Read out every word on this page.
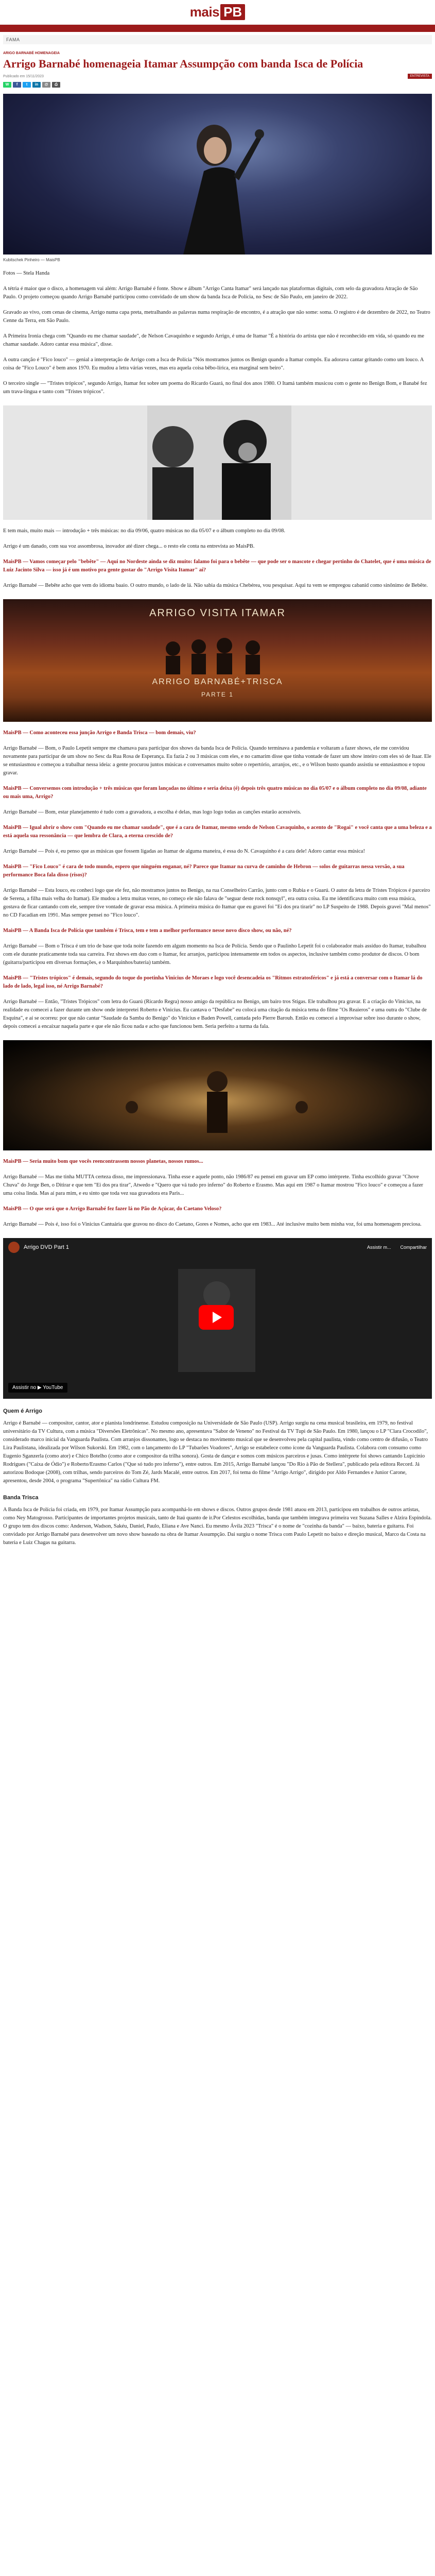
mais PB
FAMA
ARIGO BARNABÉ HOMENAGEIA
Arrigo Barnabé homenageia Itamar Assumpção com banda Isca de Polícia
Publicado em 15/11/2023	ENTREVISTA
W	f	t	in	@	⎙
Kubitschek Pinheiro — MaisPB

Fotos — Stela Handa

A tétria é maior que o disco, a homenagem vai além: Arrigo Barnabé é fonte. Show e álbum "Arrigo Canta Itamar" será lançado nas plataformas digitais, com selo da gravadora Atração de São Paulo. O projeto começou quando Arrigo Barnabé participou como convidado de um show da banda Isca de Polícia, no Sesc de São Paulo, em janeiro de 2022.

Gravado ao vivo, com cenas de cinema, Arrigo numa capa preta, metralhando as palavras numa respiração de encontro, é a atração que não some: soma. O registro é de dezembro de 2022, no Teatro Cenne da Terra, em São Paulo.

A Primeira Ironia chega com "Quando eu me chamar saudade", de Nelson Cavaquinho e segundo Arrigo, é uma de Itamar "É a história do artista que não é reconhecido em vida, só quando eu me chamar saudade. Adoro cantar essa música", disse.

A outra canção é "Fico louco" — genial a interpretação de Arrigo com a Isca de Polícia "Nós mostramos juntos os Benign quando a Itamar compôs. Eu adorava cantar gritando como um louco. A coisa de "Fico Louco" é bem anos 1970. Eu mudou a letra várias vezes, mas era aquela coisa bêbo-lírica, era marginal sem beiro".

O terceiro single — "Tristes trópicos", segundo Arrigo, Itamar fez sobre um poema do Ricardo Guará, no final dos anos 1980. O Itamá também musicou com o gente no Benign Bom, e Banabé fez um trava-língua e tanto com "Tristes trópicos".

E tem mais, muito mais — introdução + três músicas: no dia 09/06, quatro músicas no dia 05/07 e o álbum completo no dia 09/08.

Arrigo é um danado, com sua voz assombrosa, inovador até dizer chega... o resto ele conta na entrevista ao MaisPB.

MaisPB — Vamos começar pelo "bebête" — Aqui no Nordeste ainda se diz muito: falamo foi para o bebête — que pode ser o mascote e chegar pertinho do Chatelet, que é uma música de Luiz Jacinto Silva — isso já é um motivo pra gente gostar do "Arrigo Visita Itamar" aí?

Arrigo Barnabé — Bebête acho que vem do idioma baaio. O outro mundo, o lado de lá. Não sabia da música Chebérea, vou pesquisar. Aqui tu vem se empregou cabanid como sinônimo de Bebête.

ARRIGO VISITA ITAMAR
ARRIGO BARNABÉ+TRISCA
PARTE 1

MaisPB — Como aconteceu essa junção Arrigo e Banda Trisca — bom demais, viu?

Arrigo Barnabé — Bom, o Paulo Lepetit sempre me chamava para participar dos shows da banda Isca de Polícia. Quando terminava a pandemia e voltaram a fazer shows, ele me convidou novamente para participar de um show no Sesc da Rua Rosa de Esperança. Eu fazia 2 ou 3 músicas com eles, e no camarim disse que tinha vontade de fazer um show inteiro com eles só de Itaar. Ele se entusiasmou e começou a trabalhar nessa ideia: a gente procurou juntos músicas e conversamos muito sobre o repertório, arranjos, etc., e o Wilson busto quando assistiu se entusiasmou e topou gravar.

MaisPB — Conversemos com introdução + três músicas que foram lançadas no último e seria deixa (é) depois três quatro músicas no dia 05/07 e o álbum completo no dia 09/08, adiante ou mais uma, Arrigo?

Arrigo Barnabé — Bom, estar planejamento é tudo com a gravadora, a escolha é delas, mas logo logo todas as canções estarão acessíveis.

MaisPB — Igual abrir o show com "Quando eu me chamar saudade", que é a cara de Itamar, mesmo sendo de Nelson Cavaquinho, o acento de "Rogai" e você canta que a uma beleza e a está aquela sua ressonância — que lembra de Clara, a eterna crescido de?

Arrigo Barnabé — Pois é, eu penso que as músicas que fossem ligadas ao Itamar de alguma maneira, é essa do N. Cavaquinho é a cara dele! Adoro cantar essa música!

MaisPB — "Fico Louco" é cara de todo mundo, espero que ninguém enganar, né? Parece que Itamar na curva de caminho de Hebron — solos de guitarras nessa versão, a sua performance Boca fala disso (risos)?

Arrigo Barnabé — Esta louco, eu conheci logo que ele fez, não mostramos juntos no Benigo, na rua Conselheiro Carrão, junto com o Rubia e o Guarú. O autor da letra de Tristes Trópicos é parceiro de Serena, a filha mais velha do Itamar). Ele mudou a letra muitas vezes, no começo ele não falava de "seguar deste rock nonsqyl", era outra coisa. Eu me identificava muito com essa música, gostava de ficar cantando com ele, sempre tive vontade de gravar essa música. A primeira música do Itamar que eu gravei foi "Ei dos pra tirarir" no LP Suspeito de 1988. Depois gravei "Mal menos" no CD Facadian em 1991. Mas sempre pensei no "Fico louco".

MaisPB — A Banda Isca de Polícia que também é Trisca, tem e tem a melhor performance nesse novo disco show, ou não, né?

Arrigo Barnabé — Bom o Trisca é um trio de base que toda noite fazendo em algum momento na Isca de Polícia. Sendo que o Paulinho Lepetit foi o colaborador mais assíduo do Itamar, trabalhou com ele durante praticamente toda sua carreira. Fez shows em duo com o Itamar, fez arranjos, participou intensamente em todos os aspectos, inclusive também como produtor de discos. O bom (guitarra/participou em diversas formações, e o Marquinhos/bateria) também.

MaisPB — "Tristes trópicos" é demais, segundo do toque do poetinha Vinicius de Moraes e logo você desencadeia os "Ritmos estratosféricos" e já está a conversar com o Itamar lá do lado de lado, legal isso, né Arrigo Barnabé?

Arrigo Barnabé — Então, "Tristes Trópicos" com letra do Guarú (Ricardo Regra) nosso amigo da república no Benigo, um bairo tros Stigas. Ele trabalhou pra gravar. E a criação do Vinícius, na realidade eu comecei a fazer durante um show onde interpretei Roberto e Vinicius. Eu cantava o "Desfabe" eu colocá uma citação da música tema do filme "Os Reaieros" e uma outra do "Clube de Esquina", e aí se ocorreu: por que não cantar "Saudade da Samba do Benigo" do Vinícius e Baden Powell, cantada pelo Pierre Barouh. Então eu comecei a improvisar sobre isso durante o show, depois comecei a encaixar naquela parte e que ele não ficou nada e acho que funcionou bem. Seria perfeito a turma da fala.

MaisPB — Seria muito bom que vocês reencontrassem nossos planetas, nossos rumos...

Arrigo Barnabé — Mas me tinha MUTTA certeza disso, me impressionava. Tinha esse e aquele ponto, não 1986/87 eu pensei em gravar um EP como intérprete. Tinha escolhido gravar "Chove Chuva" do Jorge Ben, o Ditirar e que tem "Ei dos pra tirar", Atwedo e "Quero que vá tudo pro inferno" do Roberto e Erasmo. Mas aqui em 1987 o Itamar mostrou "Fico louco" e começou a fazer uma coisa linda. Mas aí para mim, e eu sinto que toda vez sua gravadora era Paris...

MaisPB — O que será que o Arrigo Barnabé fez fazer lá no Pão de Açúcar, do Caetano Veloso?

Arrigo Barnabé — Pois é, isso foi o Vinicius Cantuária que gravou no disco do Caetano, Gores e Nomes, acho que em 1983... Até inclusive muito bem minha voz, foi uma homenagem preciosa.

Arrigo DVD Part 1	Assistir m... Compartilhar
Assistir no ▶ YouTube
Quem é Arrigo

Arrigo é Barnabé — compositor, cantor, ator e pianista londrinense. Estudou composição na Universidade de São Paulo (USP). Arrigo surgiu na cena musical brasileira, em 1979, no festival universitário da TV Cultura, com a música "Diversões Eletrônicas". No mesmo ano, apresentava "Sabor de Veneno" no Festival da TV Tupi de São Paulo. Em 1980, lançou o LP "Clara Crocodilo", considerado marco inicial da Vanguarda Paulista. Com arranjos dissonantes, logo se destaca no movimento musical que se desenvolveu pela capital paulista, vindo como centro de difusão, o Teatro Lira Paulistana, idealizada por Wilson Sukorski. Em 1982, com o lançamento do LP "Tubarões Voadores", Arrigo se estabelece como ícone da Vanguarda Paulista. Colabora com consumo como Eugenio Sganzerla (como ator) e Chico Botelho (como ator e compositor da trilha sonora). Gosta de dançar e somos com músicos parceiros e jusas. Como intérprete foi shows cantando Lupicínio Rodrigues ("Caixa de Ódio") e Roberto/Erasmo Carlos ("Que só tudo pro inferno"), entre outros. Em 2015, Arrigo Barnabé lançou "Do Rio à Pão de Stellera", publicado pela editora Record. Já autorizou Bodoque (2008), com trilhas, sendo parceiros do Tom Zé, Jards Macalé, entre outros. Em 2017, foi tema do filme "Arrigo Arrigo", dirigido por Aldo Fernandes e Junior Carone, apresentou, desde 2004, o programa "Supertônica" na rádio Cultura FM.

Banda Trisca

A Banda Isca de Polícia foi criada, em 1979, por Itamar Assumpção para acompanhá-lo em shows e discos. Outros grupos desde 1981 atuou em 2013, participou em trabalhos de outros artistas, como Ney Matogrosso. Participantes de importantes projetos musicais, tanto de Itaú quanto de ir.Por Celestos escolhidas, banda que também integrava primeira vez Suzana Salles e Alzira Espíndola. O grupo tem dos discos como: Anderson, Wadson, Sakéu, Daniel, Paulo, Eliana e Ave Nanci. Eu mesmo Ávila 2023 "Trisca" é o nome de "cozinha da banda" — baixo, bateria e guitarra. Foi convidado por Arrigo Barnabé para desenvolver um novo show baseado na obra de Itamar Assumpção. Dai surgiu o nome Trisca com Paulo Lepetit no baixo e direção musical, Marco da Costa na bateria e Luiz Chagas na guitarra.
